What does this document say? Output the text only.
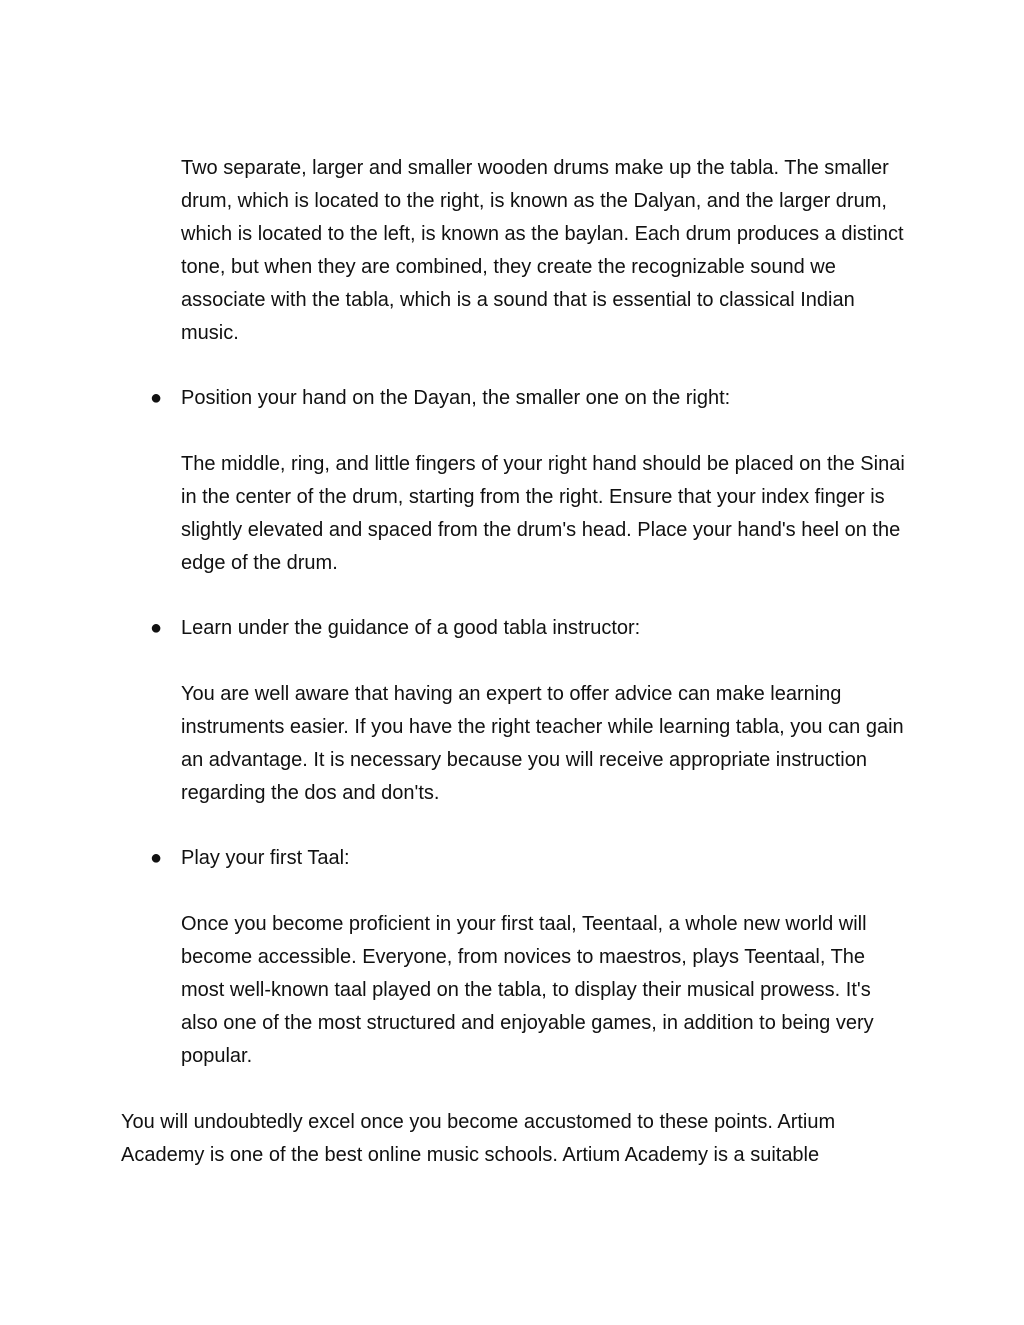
Two separate, larger and smaller wooden drums make up the tabla. The smaller drum, which is located to the right, is known as the Dalyan, and the larger drum, which is located to the left, is known as the baylan. Each drum produces a distinct tone, but when they are combined, they create the recognizable sound we associate with the tabla, which is a sound that is essential to classical Indian music.

● Position your hand on the Dayan, the smaller one on the right:

The middle, ring, and little fingers of your right hand should be placed on the Sinai in the center of the drum, starting from the right. Ensure that your index finger is slightly elevated and spaced from the drum's head. Place your hand's heel on the edge of the drum.

● Learn under the guidance of a good tabla instructor:

You are well aware that having an expert to offer advice can make learning instruments easier. If you have the right teacher while learning tabla, you can gain an advantage. It is necessary because you will receive appropriate instruction regarding the dos and don'ts.

● Play your first Taal:

Once you become proficient in your first taal, Teentaal, a whole new world will become accessible. Everyone, from novices to maestros, plays Teentaal, The most well-known taal played on the tabla, to display their musical prowess. It's also one of the most structured and enjoyable games, in addition to being very popular.

You will undoubtedly excel once you become accustomed to these points. Artium Academy is one of the best online music schools. Artium Academy is a suitable
